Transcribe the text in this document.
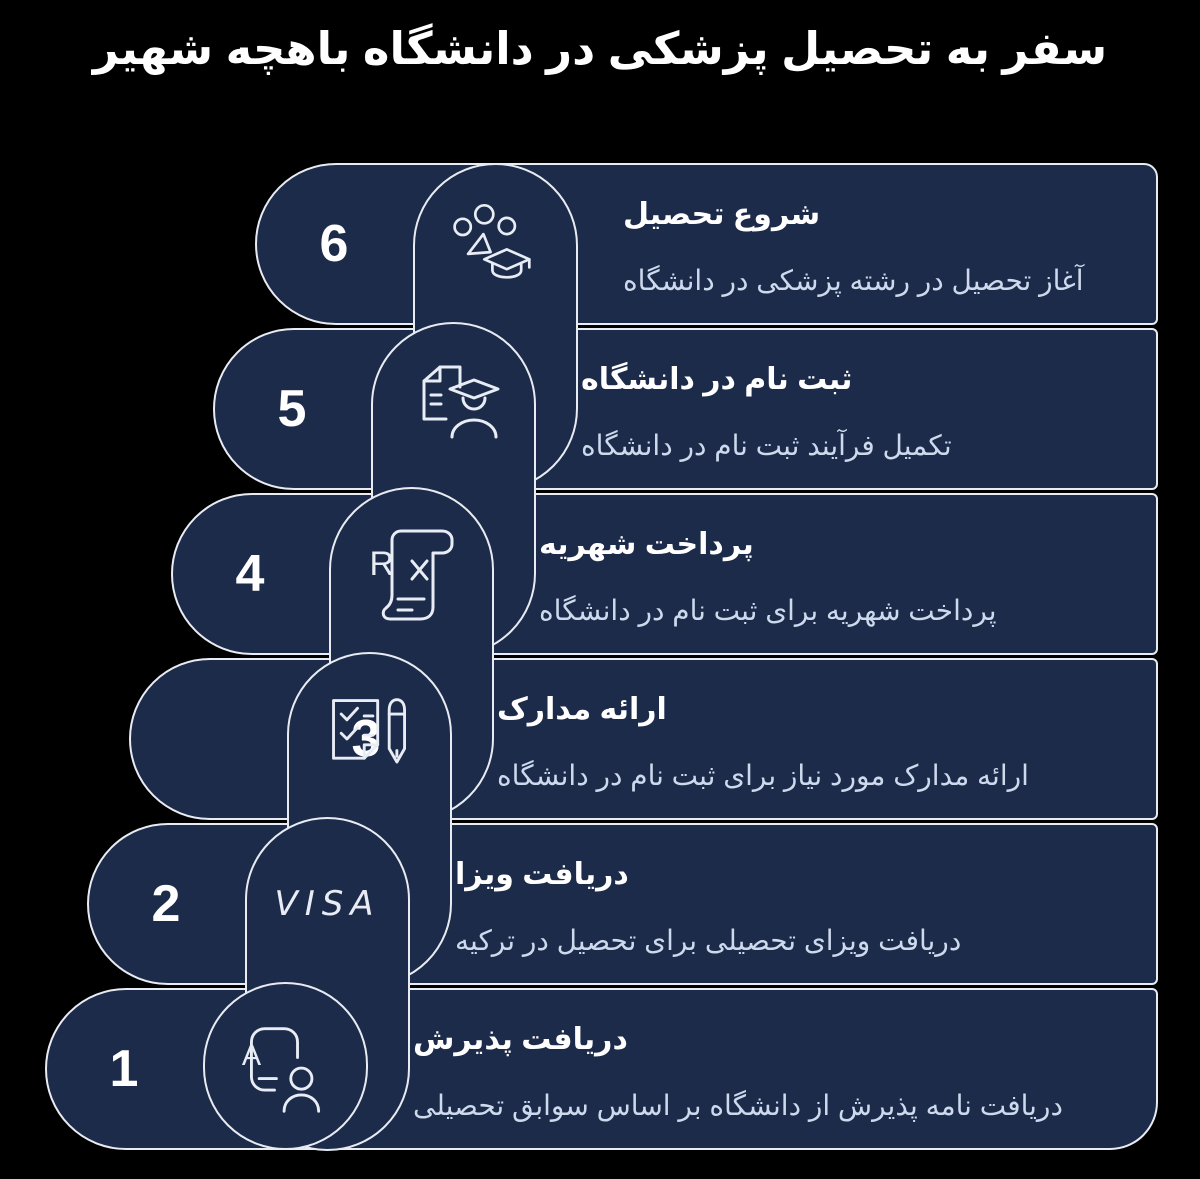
سفر به تحصیل پزشکی در دانشگاه باهچه شهیر
6
شروع تحصیل
آغاز تحصیل در رشته پزشکی در دانشگاه
5
ثبت نام در دانشگاه
تکمیل فرآیند ثبت نام در دانشگاه
4	R
پرداخت شهریه
پرداخت شهریه برای ثبت نام در دانشگاه
3
ارائه مدارک
ارائه مدارک مورد نیاز برای ثبت نام در دانشگاه
2	VISA
دریافت ویزا
دریافت ویزای تحصیلی برای تحصیل در ترکیه
1	A
دریافت پذیرش
دریافت نامه پذیرش از دانشگاه بر اساس سوابق تحصیلی
